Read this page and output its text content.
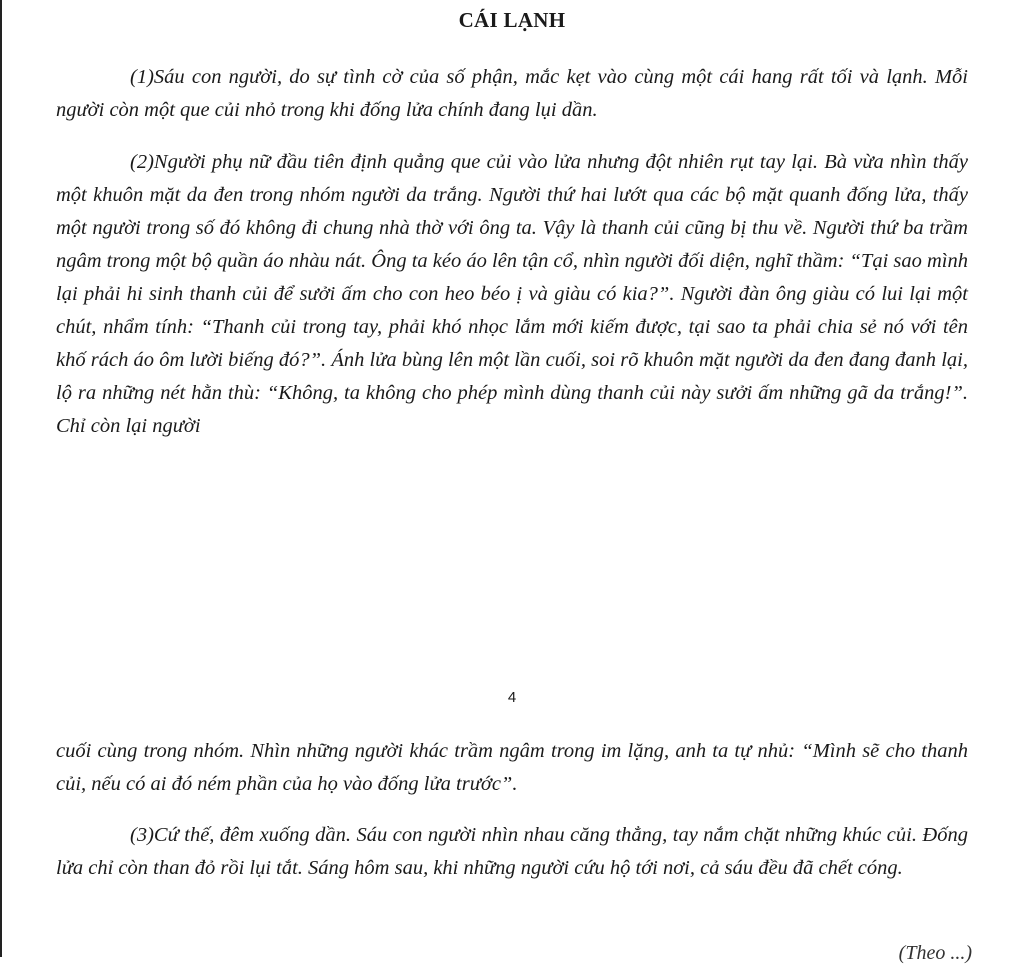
CÁI LẠNH

(1)Sáu con người, do sự tình cờ của số phận, mắc kẹt vào cùng một cái hang rất tối và lạnh. Mỗi người còn một que củi nhỏ trong khi đống lửa chính đang lụi dần.

(2)Người phụ nữ đầu tiên định quẳng que củi vào lửa nhưng đột nhiên rụt tay lại. Bà vừa nhìn thấy một khuôn mặt da đen trong nhóm người da trắng. Người thứ hai lướt qua các bộ mặt quanh đống lửa, thấy một người trong số đó không đi chung nhà thờ với ông ta. Vậy là thanh củi cũng bị thu về. Người thứ ba trầm ngâm trong một bộ quần áo nhàu nát. Ông ta kéo áo lên tận cổ, nhìn người đối diện, nghĩ thầm: “Tại sao mình lại phải hi sinh thanh củi để sưởi ấm cho con heo béo ị và giàu có kia?”. Người đàn ông giàu có lui lại một chút, nhẩm tính: “Thanh củi trong tay, phải khó nhọc lắm mới kiếm được, tại sao ta phải chia sẻ nó với tên khố rách áo ôm lười biếng đó?”. Ánh lửa bùng lên một lần cuối, soi rõ khuôn mặt người da đen đang đanh lại, lộ ra những nét hằn thù: “Không, ta không cho phép mình dùng thanh củi này sưởi ấm những gã da trắng!”. Chỉ còn lại người

4

cuối cùng trong nhóm. Nhìn những người khác trầm ngâm trong im lặng, anh ta tự nhủ: “Mình sẽ cho thanh củi, nếu có ai đó ném phần của họ vào đống lửa trước”.

(3)Cứ thế, đêm xuống dần. Sáu con người nhìn nhau căng thẳng, tay nắm chặt những khúc củi. Đống lửa chỉ còn than đỏ rồi lụi tắt. Sáng hôm sau, khi những người cứu hộ tới nơi, cả sáu đều đã chết cóng.

(Theo ...)
